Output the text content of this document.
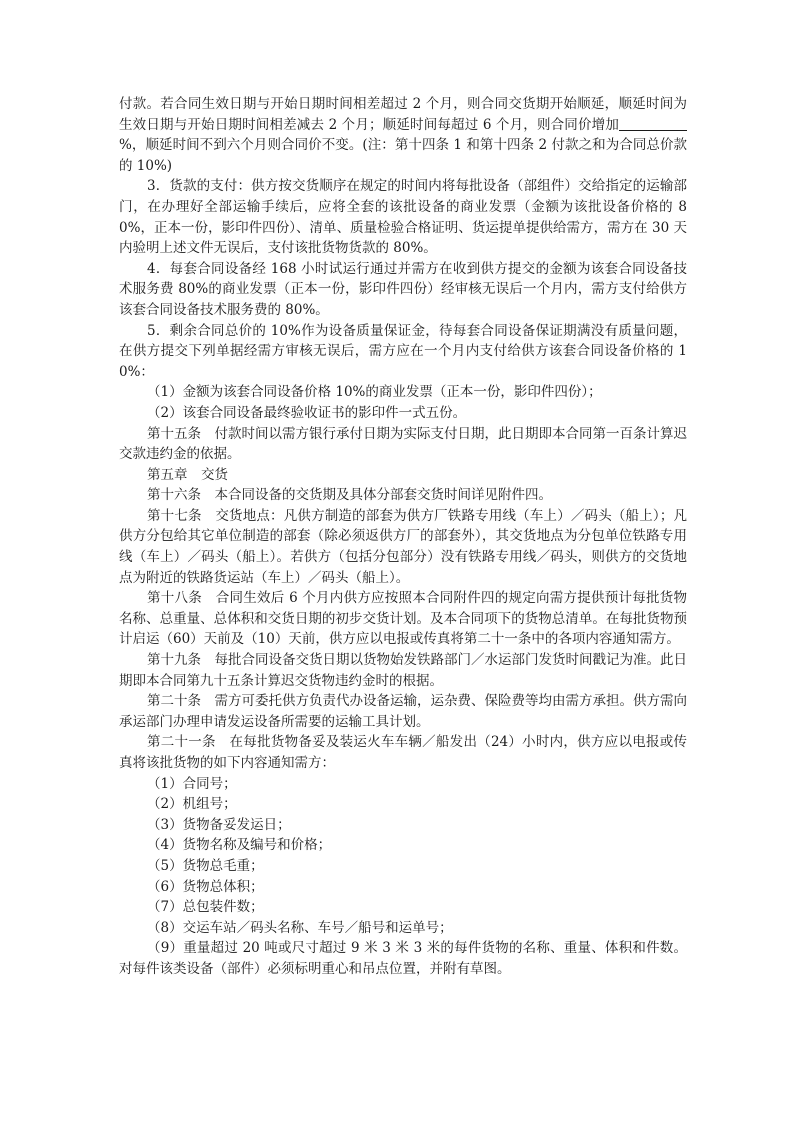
付款。若合同生效日期与开始日期时间相差超过 2 个月，则合同交货期开始顺延，顺延时间为生效日期与开始日期时间相差减去 2 个月；顺延时间每超过 6 个月，则合同价增加%，顺延时间不到六个月则合同价不变。(注：第十四条 1 和第十四条 2 付款之和为合同总价款的 10%)

3．货款的支付：供方按交货顺序在规定的时间内将每批设备（部组件）交给指定的运输部门，在办理好全部运输手续后，应将全套的该批设备的商业发票（金额为该批设备价格的 80%，正本一份，影印件四份）、清单、质量检验合格证明、货运提单提供给需方，需方在 30 天内验明上述文件无误后，支付该批货物货款的 80%。

4．每套合同设备经 168 小时试运行通过并需方在收到供方提交的金额为该套合同设备技术服务费 80%的商业发票（正本一份，影印件四份）经审核无误后一个月内，需方支付给供方该套合同设备技术服务费的 80%。

5．剩余合同总价的 10%作为设备质量保证金，待每套合同设备保证期满没有质量问题，在供方提交下列单据经需方审核无误后，需方应在一个月内支付给供方该套合同设备价格的 10%：

（1）金额为该套合同设备价格 10%的商业发票（正本一份，影印件四份）；

（2）该套合同设备最终验收证书的影印件一式五份。

第十五条　付款时间以需方银行承付日期为实际支付日期，此日期即本合同第一百条计算迟交款违约金的依据。

第五章　交货

第十六条　本合同设备的交货期及具体分部套交货时间详见附件四。

第十七条　交货地点：凡供方制造的部套为供方厂铁路专用线（车上）／码头（船上）；凡供方分包给其它单位制造的部套（除必须返供方厂的部套外），其交货地点为分包单位铁路专用线（车上）／码头（船上）。若供方（包括分包部分）没有铁路专用线／码头，则供方的交货地点为附近的铁路货运站（车上）／码头（船上）。

第十八条　合同生效后 6 个月内供方应按照本合同附件四的规定向需方提供预计每批货物名称、总重量、总体积和交货日期的初步交货计划。及本合同项下的货物总清单。在每批货物预计启运（60）天前及（10）天前，供方应以电报或传真将第二十一条中的各项内容通知需方。

第十九条　每批合同设备交货日期以货物始发铁路部门／水运部门发货时间戳记为准。此日期即本合同第九十五条计算迟交货物违约金时的根据。

第二十条　需方可委托供方负责代办设备运输，运杂费、保险费等均由需方承担。供方需向承运部门办理申请发运设备所需要的运输工具计划。

第二十一条　在每批货物备妥及装运火车车辆／船发出（24）小时内，供方应以电报或传真将该批货物的如下内容通知需方：

（1）合同号；

（2）机组号；

（3）货物备妥发运日；

（4）货物名称及编号和价格；

（5）货物总毛重；

（6）货物总体积；

（7）总包装件数；

（8）交运车站／码头名称、车号／船号和运单号；

（9）重量超过 20 吨或尺寸超过 9 米 3 米 3 米的每件货物的名称、重量、体积和件数。对每件该类设备（部件）必须标明重心和吊点位置，并附有草图。
